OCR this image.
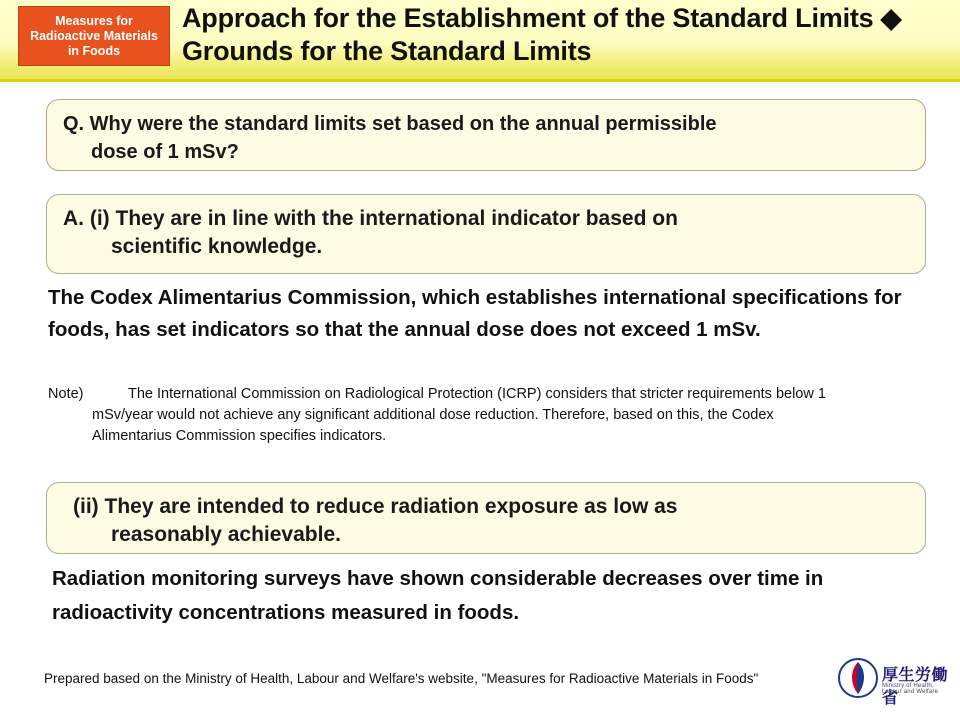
Measures for Radioactive Materials in Foods
Approach for the Establishment of the Standard Limits ◆ Grounds for the Standard Limits
Q. Why were the standard limits set based on the annual permissible
dose of 1 mSv?
A. (i) They are in line with the international indicator based on
scientific knowledge.
The Codex Alimentarius Commission, which establishes international specifications for foods, has set indicators so that the annual dose does not exceed 1 mSv.
Note)	The International Commission on Radiological Protection (ICRP) considers that stricter requirements below 1
mSv/year would not achieve any significant additional dose reduction. Therefore, based on this, the Codex
Alimentarius Commission specifies indicators.
(ii) They are intended to reduce radiation exposure as low as
reasonably achievable.
Radiation monitoring surveys have shown considerable decreases over time in radioactivity concentrations measured in foods.
Prepared based on the Ministry of Health, Labour and Welfare's website, "Measures for Radioactive Materials in Foods"	厚生労働省
Ministry of Health, Labour and Welfare
